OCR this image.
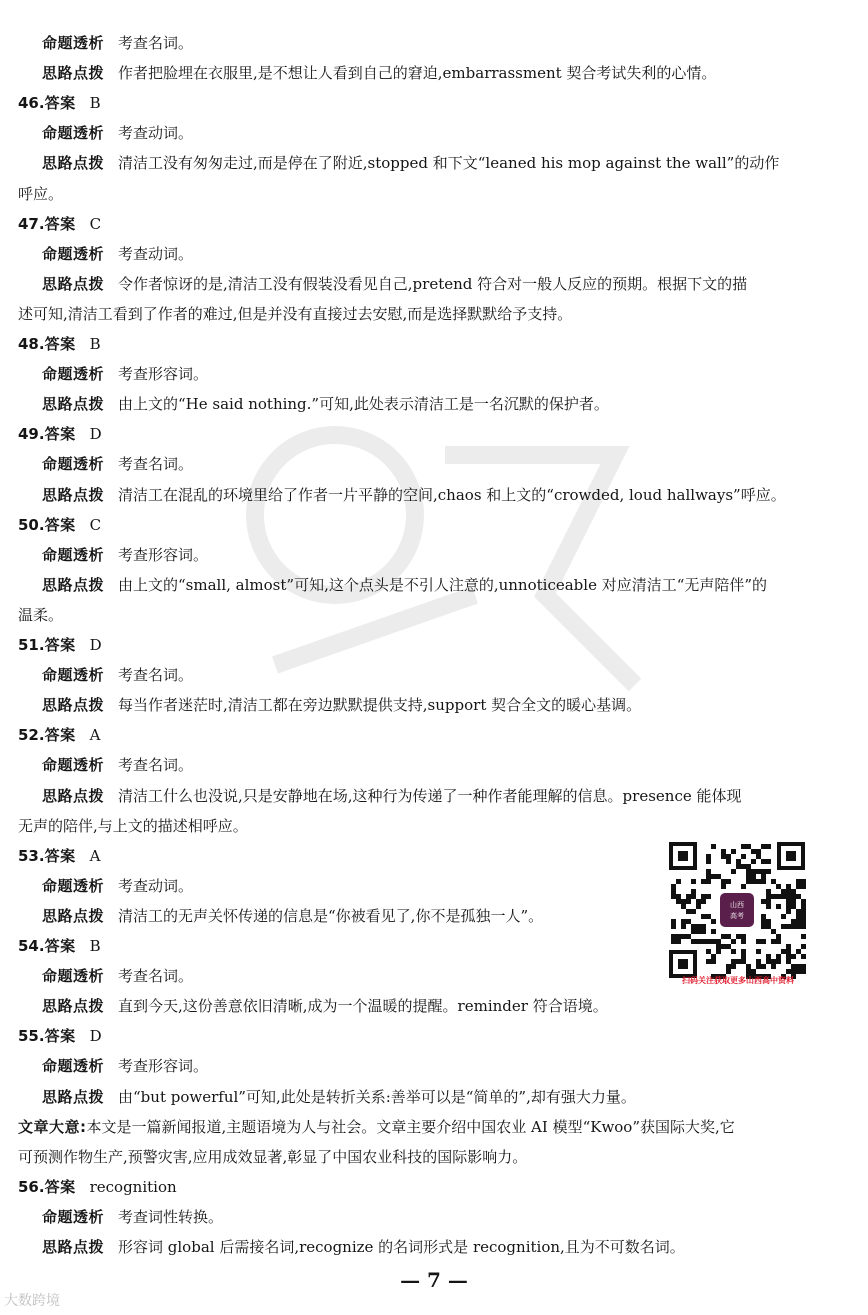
命题透析 考查名词。
思路点拨 作者把脸埋在衣服里,是不想让人看到自己的窘迫,embarrassment 契合考试失利的心情。
46.答案 B
命题透析 考查动词。
思路点拨 清洁工没有匆匆走过,而是停在了附近,stopped 和下文“leaned his mop against the wall”的动作
呼应。
47.答案 C
命题透析 考查动词。
思路点拨 令作者惊讶的是,清洁工没有假装没看见自己,pretend 符合对一般人反应的预期。根据下文的描
述可知,清洁工看到了作者的难过,但是并没有直接过去安慰,而是选择默默给予支持。
48.答案 B
命题透析 考查形容词。
思路点拨 由上文的“He said nothing.”可知,此处表示清洁工是一名沉默的保护者。
49.答案 D
命题透析 考查名词。
思路点拨 清洁工在混乱的环境里给了作者一片平静的空间,chaos 和上文的“crowded, loud hallways”呼应。
50.答案 C
命题透析 考查形容词。
思路点拨 由上文的“small, almost”可知,这个点头是不引人注意的,unnoticeable 对应清洁工“无声陪伴”的
温柔。
51.答案 D
命题透析 考查名词。
思路点拨 每当作者迷茫时,清洁工都在旁边默默提供支持,support 契合全文的暖心基调。
52.答案 A
命题透析 考查名词。
思路点拨 清洁工什么也没说,只是安静地在场,这种行为传递了一种作者能理解的信息。presence 能体现
无声的陪伴,与上文的描述相呼应。
53.答案 A
命题透析 考查动词。
思路点拨 清洁工的无声关怀传递的信息是“你被看见了,你不是孤独一人”。
54.答案 B
命题透析 考查名词。
思路点拨 直到今天,这份善意依旧清晰,成为一个温暖的提醒。reminder 符合语境。
55.答案 D
命题透析 考查形容词。
思路点拨 由“but powerful”可知,此处是转折关系:善举可以是“简单的”,却有强大力量。
文章大意:本文是一篇新闻报道,主题语境为人与社会。文章主要介绍中国农业 AI 模型“Kwoo”获国际大奖,它
可预测作物生产,预警灾害,应用成效显著,彰显了中国农业科技的国际影响力。
56.答案 recognition
命题透析 考查词性转换。
思路点拨 形容词 global 后需接名词,recognize 的名词形式是 recognition,且为不可数名词。
山西
高考
扫码关注获取更多山西高中资料
— 7 —
大数跨境
